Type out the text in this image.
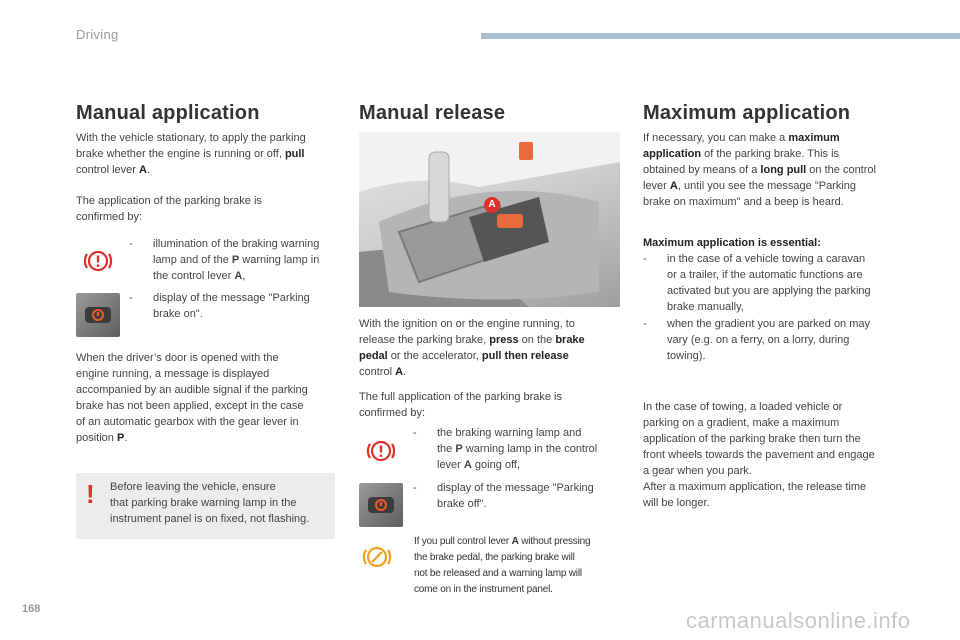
Driving
Manual application
With the vehicle stationary, to apply the parking
brake whether the engine is running or off, pull
control lever A.
The application of the parking brake is
confirmed by:
- illumination of the braking warning
lamp and of the P warning lamp in
the control lever A,
- display of the message "Parking
brake on".
When the driver’s door is opened with the
engine running, a message is displayed
accompanied by an audible signal if the parking
brake has not been applied, except in the case
of an automatic gearbox with the gear lever in
position P.
! Before leaving the vehicle, ensure
that parking brake warning lamp in the
instrument panel is on fixed, not flashing.
Manual release
A
With the ignition on or the engine running, to
release the parking brake, press on the brake
pedal or the accelerator, pull then release
control A.
The full application of the parking brake is
confirmed by:
- the braking warning lamp and
the P warning lamp in the control
lever A going off,
- display of the message "Parking
brake off".
If you pull control lever A without pressing
the brake pedal, the parking brake will
not be released and a warning lamp will
come on in the instrument panel.
Maximum application
If necessary, you can make a maximum
application of the parking brake. This is
obtained by means of a long pull on the control
lever A, until you see the message "Parking
brake on maximum" and a beep is heard.
Maximum application is essential:
- in the case of a vehicle towing a caravan
or a trailer, if the automatic functions are
activated but you are applying the parking
brake manually,
- when the gradient you are parked on may
vary (e.g. on a ferry, on a lorry, during
towing).
In the case of towing, a loaded vehicle or
parking on a gradient, make a maximum
application of the parking brake then turn the
front wheels towards the pavement and engage
a gear when you park.
After a maximum application, the release time
will be longer.
168	carmanualsonline.info
